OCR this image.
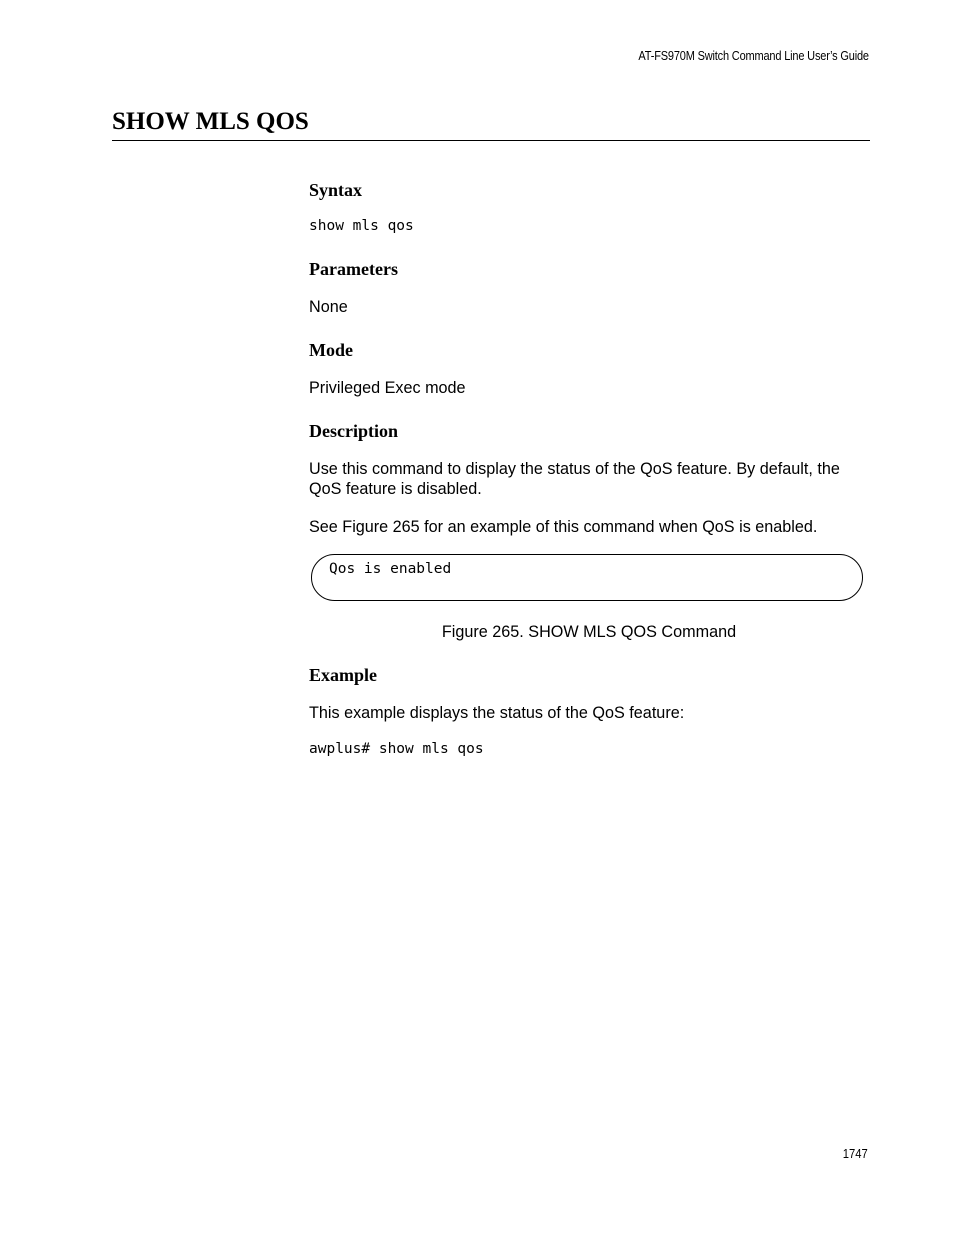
AT-FS970M Switch Command Line User’s Guide
SHOW MLS QOS
Syntax
show mls qos
Parameters

None

Mode

Privileged Exec mode

Description

Use this command to display the status of the QoS feature. By default, the QoS feature is disabled.

See Figure 265 for an example of this command when QoS is enabled.

Qos is enabled
Figure 265. SHOW MLS QOS Command
Example

This example displays the status of the QoS feature:

awplus# show mls qos
1747
